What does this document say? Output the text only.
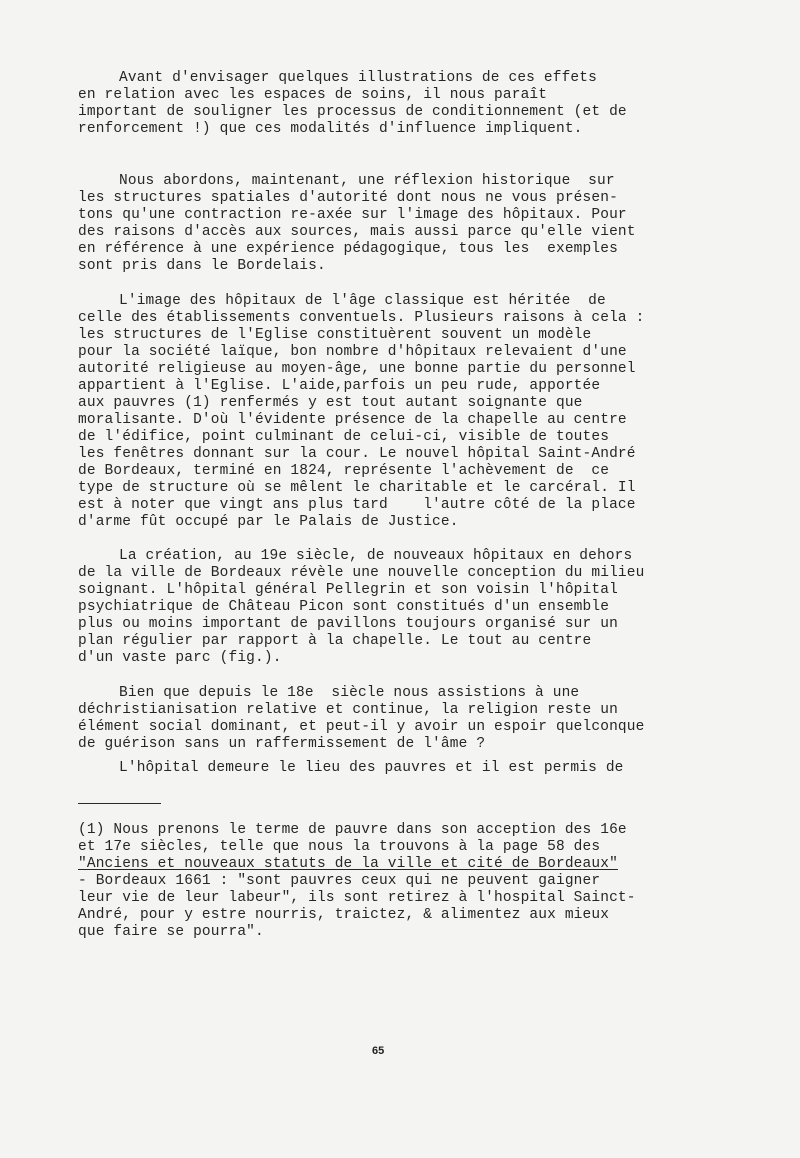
Avant d'envisager quelques illustrations de ces effets
en relation avec les espaces de soins, il nous paraît
important de souligner les processus de conditionnement (et de
renforcement !) que ces modalités d'influence impliquent.
Nous abordons, maintenant, une réflexion historique  sur
les structures spatiales d'autorité dont nous ne vous présen-
tons qu'une contraction re-axée sur l'image des hôpitaux. Pour
des raisons d'accès aux sources, mais aussi parce qu'elle vient
en référence à une expérience pédagogique, tous les  exemples
sont pris dans le Bordelais.
L'image des hôpitaux de l'âge classique est héritée  de
celle des établissements conventuels. Plusieurs raisons à cela :
les structures de l'Eglise constituèrent souvent un modèle
pour la société laïque, bon nombre d'hôpitaux relevaient d'une
autorité religieuse au moyen-âge, une bonne partie du personnel
appartient à l'Eglise. L'aide,parfois un peu rude, apportée
aux pauvres (1) renfermés y est tout autant soignante que
moralisante. D'où l'évidente présence de la chapelle au centre
de l'édifice, point culminant de celui-ci, visible de toutes
les fenêtres donnant sur la cour. Le nouvel hôpital Saint-André
de Bordeaux, terminé en 1824, représente l'achèvement de  ce
type de structure où se mêlent le charitable et le carcéral. Il
est à noter que vingt ans plus tard    l'autre côté de la place
d'arme fût occupé par le Palais de Justice.
La création, au 19e siècle, de nouveaux hôpitaux en dehors
de la ville de Bordeaux révèle une nouvelle conception du milieu
soignant. L'hôpital général Pellegrin et son voisin l'hôpital
psychiatrique de Château Picon sont constitués d'un ensemble
plus ou moins important de pavillons toujours organisé sur un
plan régulier par rapport à la chapelle. Le tout au centre
d'un vaste parc (fig.).
Bien que depuis le 18e  siècle nous assistions à une
déchristianisation relative et continue, la religion reste un
élément social dominant, et peut-il y avoir un espoir quelconque
de guérison sans un raffermissement de l'âme ?
L'hôpital demeure le lieu des pauvres et il est permis de
(1) Nous prenons le terme de pauvre dans son acception des 16e
et 17e siècles, telle que nous la trouvons à la page 58 des
"Anciens et nouveaux statuts de la ville et cité de Bordeaux"
- Bordeaux 1661 : "sont pauvres ceux qui ne peuvent gaigner
leur vie de leur labeur", ils sont retirez à l'hospital Sainct-
André, pour y estre nourris, traictez, & alimentez aux mieux
que faire se pourra".
65
